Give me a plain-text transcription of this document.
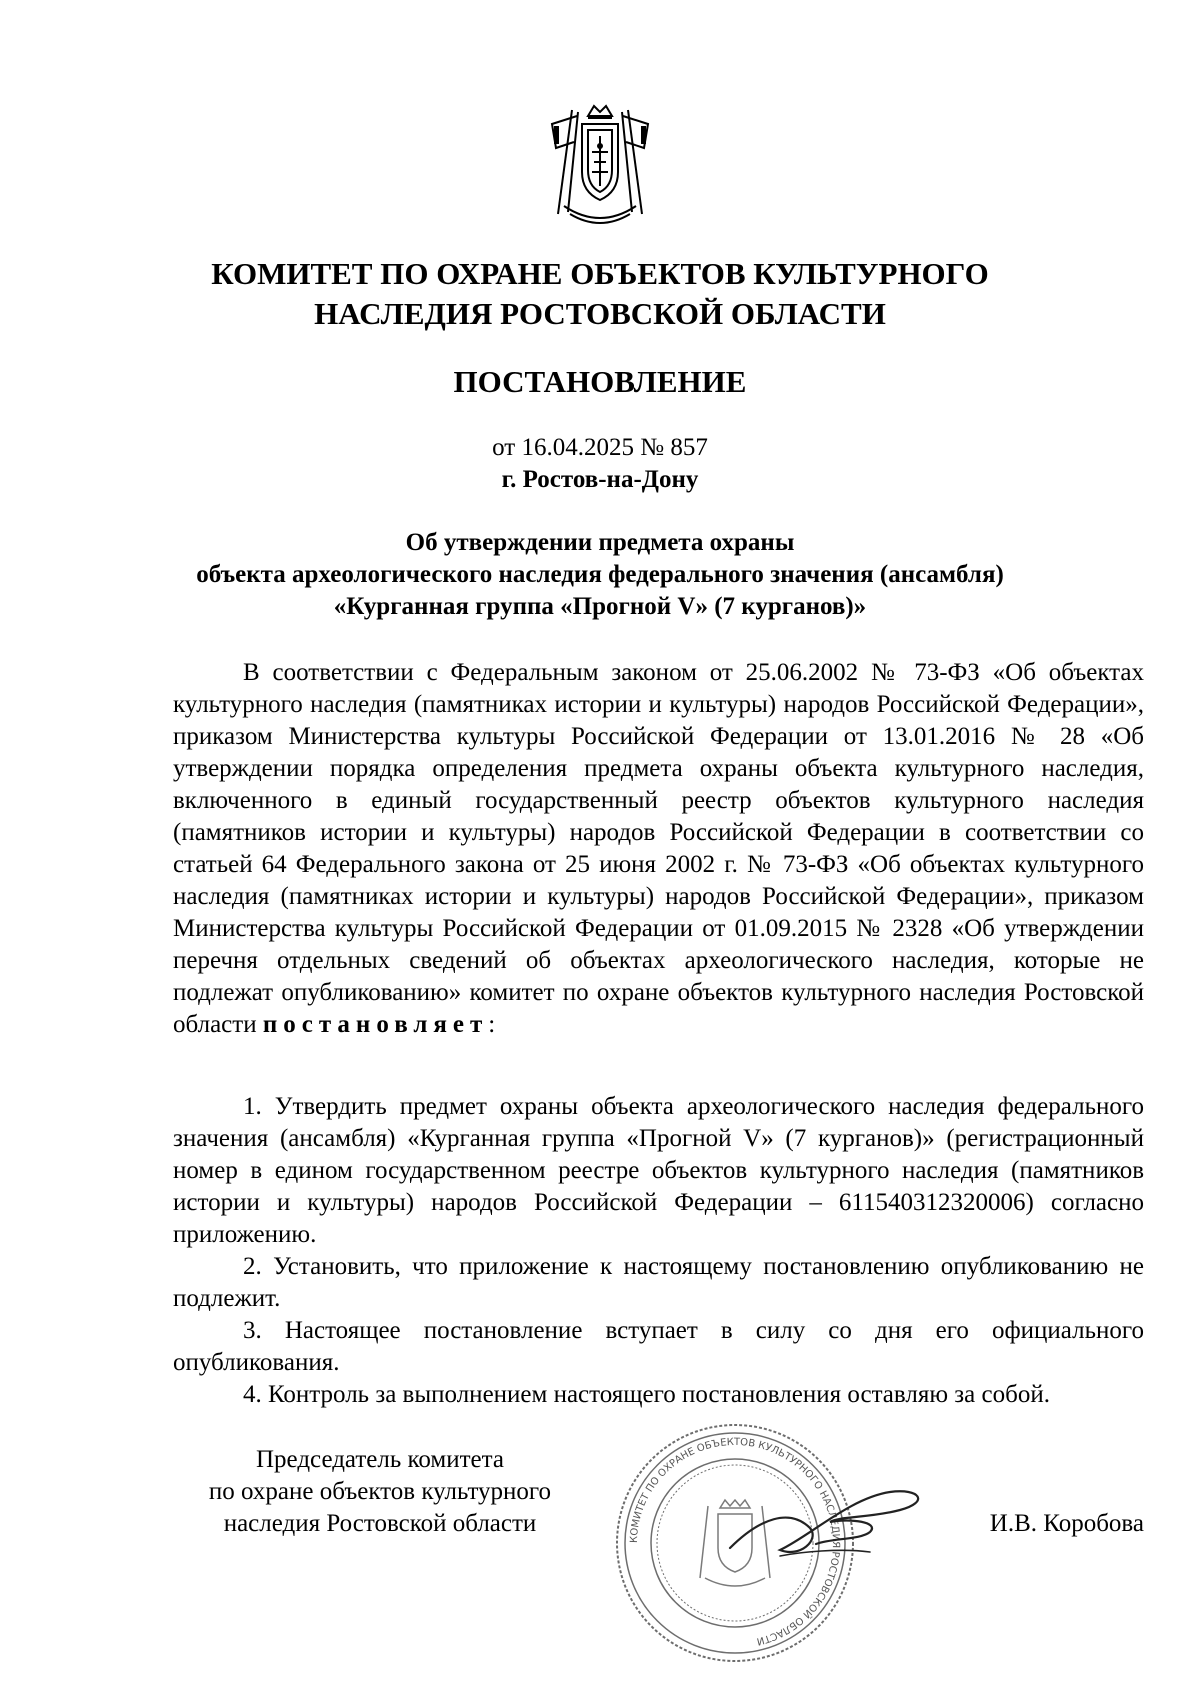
КОМИТЕТ ПО ОХРАНЕ ОБЪЕКТОВ КУЛЬТУРНОГО
НАСЛЕДИЯ РОСТОВСКОЙ ОБЛАСТИ
ПОСТАНОВЛЕНИЕ
от 16.04.2025 № 857
г. Ростов-на-Дону
Об утверждении предмета охраны
объекта археологического наследия федерального значения (ансамбля)
«Курганная группа «Прогной V» (7 курганов)»

В соответствии с Федеральным законом от 25.06.2002 № 73-ФЗ «Об объектах культурного наследия (памятниках истории и культуры) народов Российской Федерации», приказом Министерства культуры Российской Федерации от 13.01.2016 № 28 «Об утверждении порядка определения предмета охраны объекта культурного наследия, включенного в единый государственный реестр объектов культурного наследия (памятников истории и культуры) народов Российской Федерации в соответствии со статьей 64 Федерального закона от 25 июня 2002 г. № 73-ФЗ «Об объектах культурного наследия (памятниках истории и культуры) народов Российской Федерации», приказом Министерства культуры Российской Федерации от 01.09.2015 № 2328 «Об утверждении перечня отдельных сведений об объектах археологического наследия, которые не подлежат опубликованию» комитет по охране объектов культурного наследия Ростовской области постановляет:

1. Утвердить предмет охраны объекта археологического наследия федерального значения (ансамбля) «Курганная группа «Прогной V» (7 курганов)» (регистрационный номер в едином государственном реестре объектов культурного наследия (памятников истории и культуры) народов Российской Федерации – 611540312320006) согласно приложению.

2. Установить, что приложение к настоящему постановлению опубликованию не подлежит.

3. Настоящее постановление вступает в силу со дня его официального опубликования.

4. Контроль за выполнением настоящего постановления оставляю за собой.

Председатель комитета
по охране объектов культурного
наследия Ростовской области
КОМИТЕТ ПО ОХРАНЕ ОБЪЕКТОВ КУЛЬТУРНОГО НАСЛЕДИЯ РОСТОВСКОЙ ОБЛАСТИ
И.В. Коробова
